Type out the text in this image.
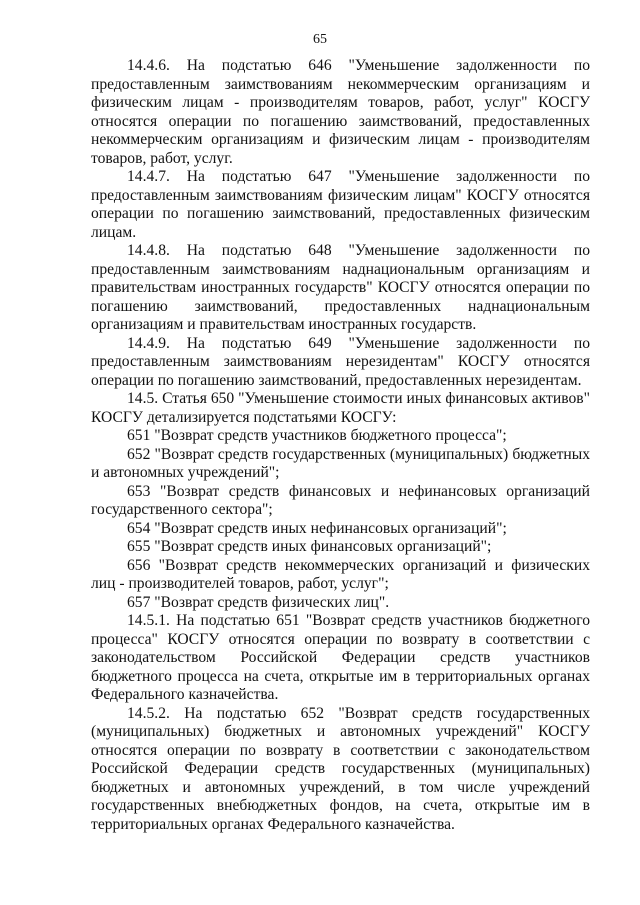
65

14.4.6. На подстатью 646 "Уменьшение задолженности по предоставленным заимствованиям некоммерческим организациям и физическим лицам - производителям товаров, работ, услуг" КОСГУ относятся операции по погашению заимствований, предоставленных некоммерческим организациям и физическим лицам - производителям товаров, работ, услуг.

14.4.7. На подстатью 647 "Уменьшение задолженности по предоставленным заимствованиям физическим лицам" КОСГУ относятся операции по погашению заимствований, предоставленных физическим лицам.

14.4.8. На подстатью 648 "Уменьшение задолженности по предоставленным заимствованиям наднациональным организациям и правительствам иностранных государств" КОСГУ относятся операции по погашению заимствований, предоставленных наднациональным организациям и правительствам иностранных государств.

14.4.9. На подстатью 649 "Уменьшение задолженности по предоставленным заимствованиям нерезидентам" КОСГУ относятся операции по погашению заимствований, предоставленных нерезидентам.

14.5. Статья 650 "Уменьшение стоимости иных финансовых активов" КОСГУ детализируется подстатьями КОСГУ:

651 "Возврат средств участников бюджетного процесса";

652 "Возврат средств государственных (муниципальных) бюджетных и автономных учреждений";

653 "Возврат средств финансовых и нефинансовых организаций государственного сектора";

654 "Возврат средств иных нефинансовых организаций";

655 "Возврат средств иных финансовых организаций";

656 "Возврат средств некоммерческих организаций и физических лиц - производителей товаров, работ, услуг";

657 "Возврат средств физических лиц".

14.5.1. На подстатью 651 "Возврат средств участников бюджетного процесса" КОСГУ относятся операции по возврату в соответствии с законодательством Российской Федерации средств участников бюджетного процесса на счета, открытые им в территориальных органах Федерального казначейства.

14.5.2. На подстатью 652 "Возврат средств государственных (муниципальных) бюджетных и автономных учреждений" КОСГУ относятся операции по возврату в соответствии с законодательством Российской Федерации средств государственных (муниципальных) бюджетных и автономных учреждений, в том числе учреждений государственных внебюджетных фондов, на счета, открытые им в территориальных органах Федерального казначейства.
